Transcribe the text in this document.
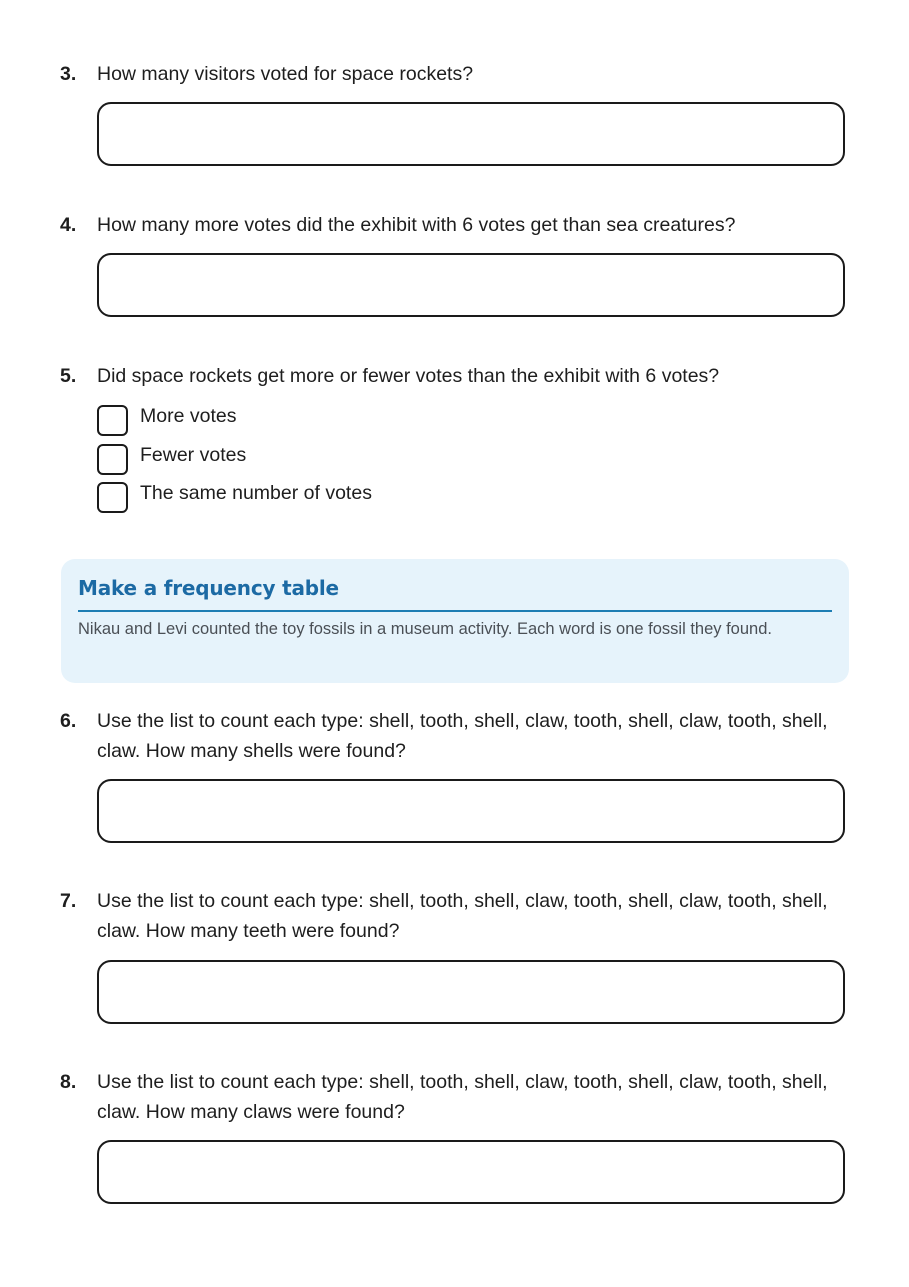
3. How many visitors voted for space rockets?
4. How many more votes did the exhibit with 6 votes get than sea creatures?
5. Did space rockets get more or fewer votes than the exhibit with 6 votes?
More votes
Fewer votes
The same number of votes
Make a frequency table
Nikau and Levi counted the toy fossils in a museum activity. Each word is one fossil they found.
6. Use the list to count each type: shell, tooth, shell, claw, tooth, shell, claw, tooth, shell, claw. How many shells were found?
7. Use the list to count each type: shell, tooth, shell, claw, tooth, shell, claw, tooth, shell, claw. How many teeth were found?
8. Use the list to count each type: shell, tooth, shell, claw, tooth, shell, claw, tooth, shell, claw. How many claws were found?
